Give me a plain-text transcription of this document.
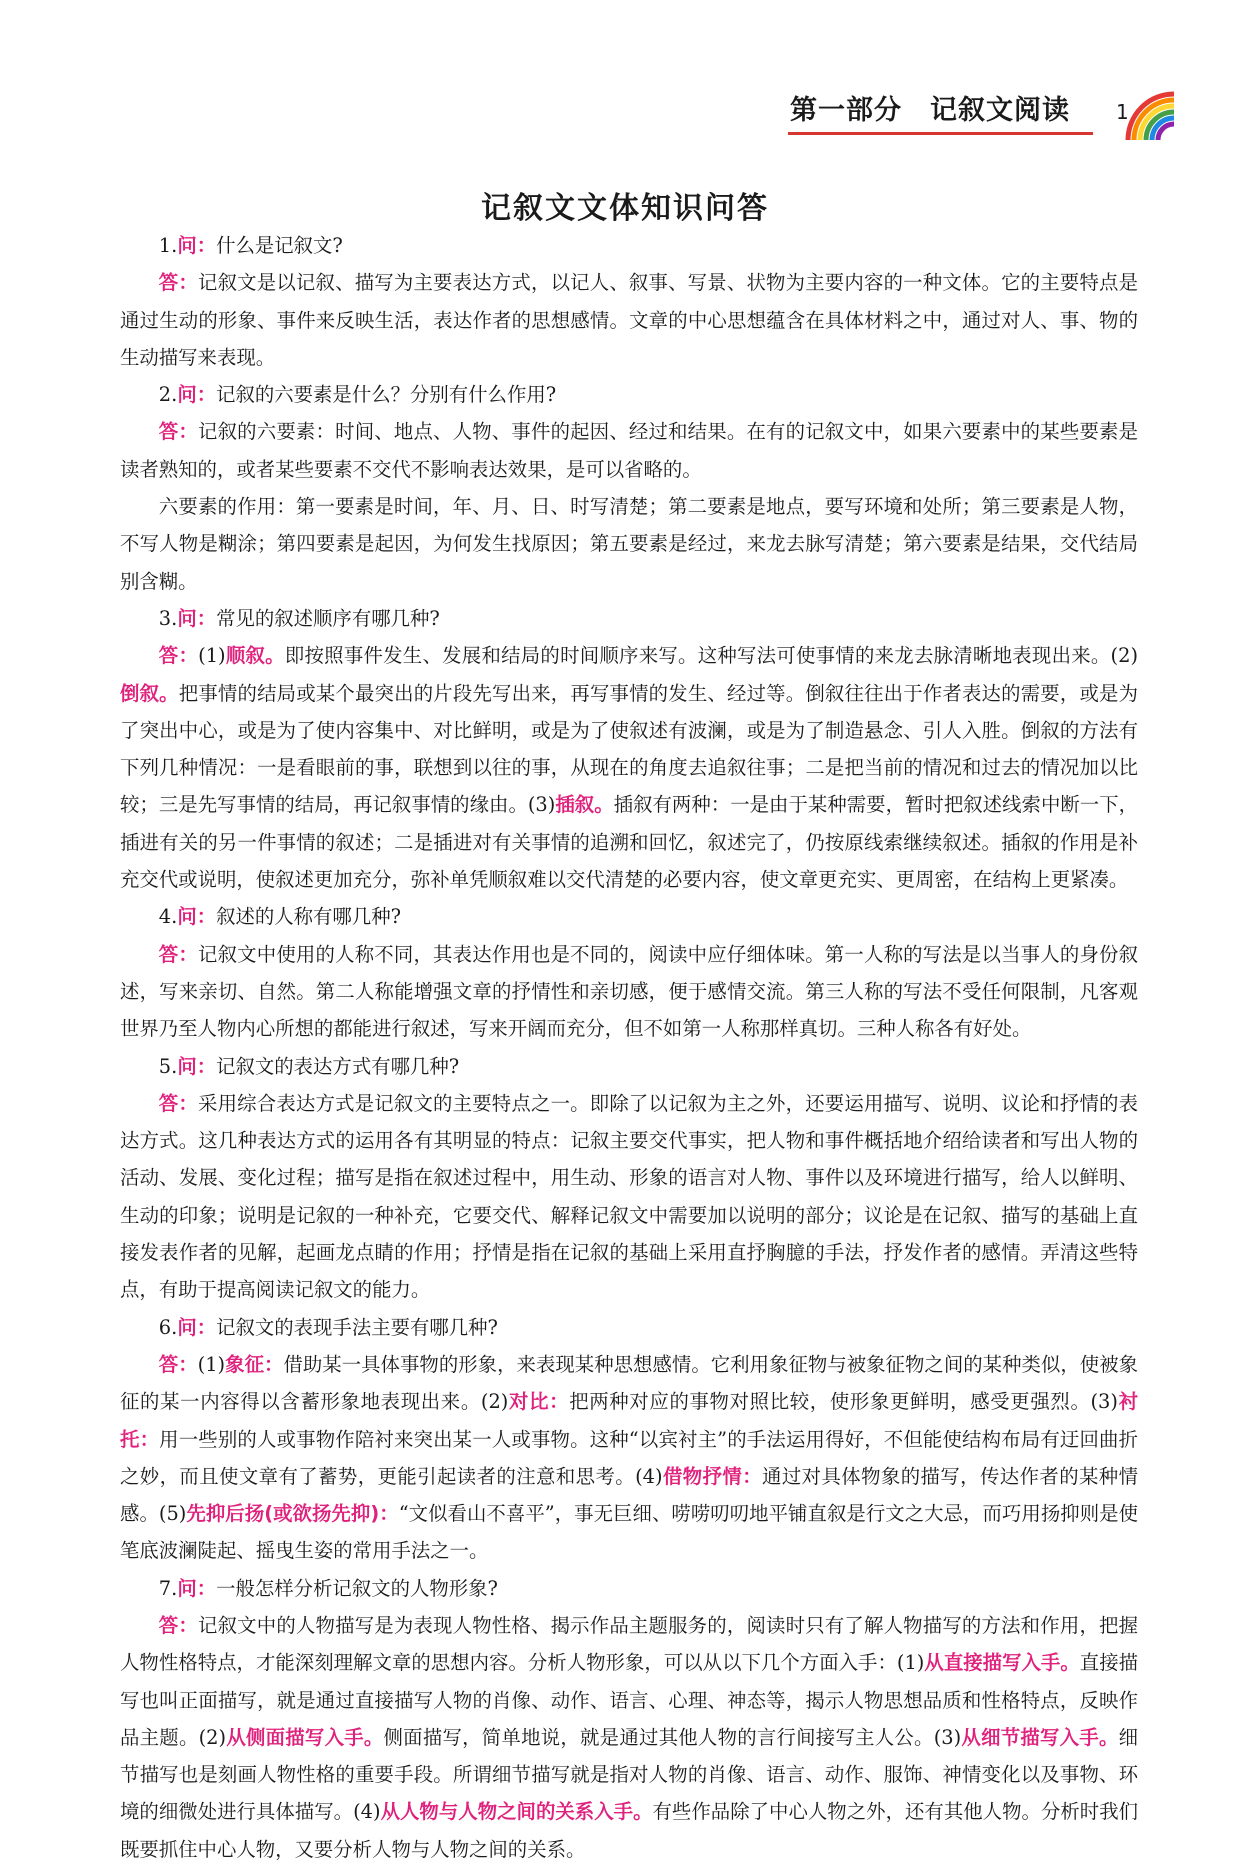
第一部分 记叙文阅读	1
记叙文文体知识问答

1.问：什么是记叙文?

答：记叙文是以记叙、描写为主要表达方式，以记人、叙事、写景、状物为主要内容的一种文体。它的主要特点是通过生动的形象、事件来反映生活，表达作者的思想感情。文章的中心思想蕴含在具体材料之中，通过对人、事、物的生动描写来表现。

2.问：记叙的六要素是什么？分别有什么作用?

答：记叙的六要素：时间、地点、人物、事件的起因、经过和结果。在有的记叙文中，如果六要素中的某些要素是读者熟知的，或者某些要素不交代不影响表达效果，是可以省略的。

六要素的作用：第一要素是时间，年、月、日、时写清楚；第二要素是地点，要写环境和处所；第三要素是人物，不写人物是糊涂；第四要素是起因，为何发生找原因；第五要素是经过，来龙去脉写清楚；第六要素是结果，交代结局别含糊。

3.问：常见的叙述顺序有哪几种?

答：(1)顺叙。即按照事件发生、发展和结局的时间顺序来写。这种写法可使事情的来龙去脉清晰地表现出来。(2)倒叙。把事情的结局或某个最突出的片段先写出来，再写事情的发生、经过等。倒叙往往出于作者表达的需要，或是为了突出中心，或是为了使内容集中、对比鲜明，或是为了使叙述有波澜，或是为了制造悬念、引人入胜。倒叙的方法有下列几种情况：一是看眼前的事，联想到以往的事，从现在的角度去追叙往事；二是把当前的情况和过去的情况加以比较；三是先写事情的结局，再记叙事情的缘由。(3)插叙。插叙有两种：一是由于某种需要，暂时把叙述线索中断一下，插进有关的另一件事情的叙述；二是插进对有关事情的追溯和回忆，叙述完了，仍按原线索继续叙述。插叙的作用是补充交代或说明，使叙述更加充分，弥补单凭顺叙难以交代清楚的必要内容，使文章更充实、更周密，在结构上更紧凑。

4.问：叙述的人称有哪几种?

答：记叙文中使用的人称不同，其表达作用也是不同的，阅读中应仔细体味。第一人称的写法是以当事人的身份叙述，写来亲切、自然。第二人称能增强文章的抒情性和亲切感，便于感情交流。第三人称的写法不受任何限制，凡客观世界乃至人物内心所想的都能进行叙述，写来开阔而充分，但不如第一人称那样真切。三种人称各有好处。

5.问：记叙文的表达方式有哪几种?

答：采用综合表达方式是记叙文的主要特点之一。即除了以记叙为主之外，还要运用描写、说明、议论和抒情的表达方式。这几种表达方式的运用各有其明显的特点：记叙主要交代事实，把人物和事件概括地介绍给读者和写出人物的活动、发展、变化过程；描写是指在叙述过程中，用生动、形象的语言对人物、事件以及环境进行描写，给人以鲜明、生动的印象；说明是记叙的一种补充，它要交代、解释记叙文中需要加以说明的部分；议论是在记叙、描写的基础上直接发表作者的见解，起画龙点睛的作用；抒情是指在记叙的基础上采用直抒胸臆的手法，抒发作者的感情。弄清这些特点，有助于提高阅读记叙文的能力。

6.问：记叙文的表现手法主要有哪几种?

答：(1)象征：借助某一具体事物的形象，来表现某种思想感情。它利用象征物与被象征物之间的某种类似，使被象征的某一内容得以含蓄形象地表现出来。(2)对比：把两种对应的事物对照比较，使形象更鲜明，感受更强烈。(3)衬托：用一些别的人或事物作陪衬来突出某一人或事物。这种“以宾衬主”的手法运用得好，不但能使结构布局有迂回曲折之妙，而且使文章有了蓄势，更能引起读者的注意和思考。(4)借物抒情：通过对具体物象的描写，传达作者的某种情感。(5)先抑后扬(或欲扬先抑)：“文似看山不喜平”，事无巨细、唠唠叨叨地平铺直叙是行文之大忌，而巧用扬抑则是使笔底波澜陡起、摇曳生姿的常用手法之一。

7.问：一般怎样分析记叙文的人物形象?

答：记叙文中的人物描写是为表现人物性格、揭示作品主题服务的，阅读时只有了解人物描写的方法和作用，把握人物性格特点，才能深刻理解文章的思想内容。分析人物形象，可以从以下几个方面入手：(1)从直接描写入手。直接描写也叫正面描写，就是通过直接描写人物的肖像、动作、语言、心理、神态等，揭示人物思想品质和性格特点，反映作品主题。(2)从侧面描写入手。侧面描写，简单地说，就是通过其他人物的言行间接写主人公。(3)从细节描写入手。细节描写也是刻画人物性格的重要手段。所谓细节描写就是指对人物的肖像、语言、动作、服饰、神情变化以及事物、环境的细微处进行具体描写。(4)从人物与人物之间的关系入手。有些作品除了中心人物之外，还有其他人物。分析时我们既要抓住中心人物，又要分析人物与人物之间的关系。
